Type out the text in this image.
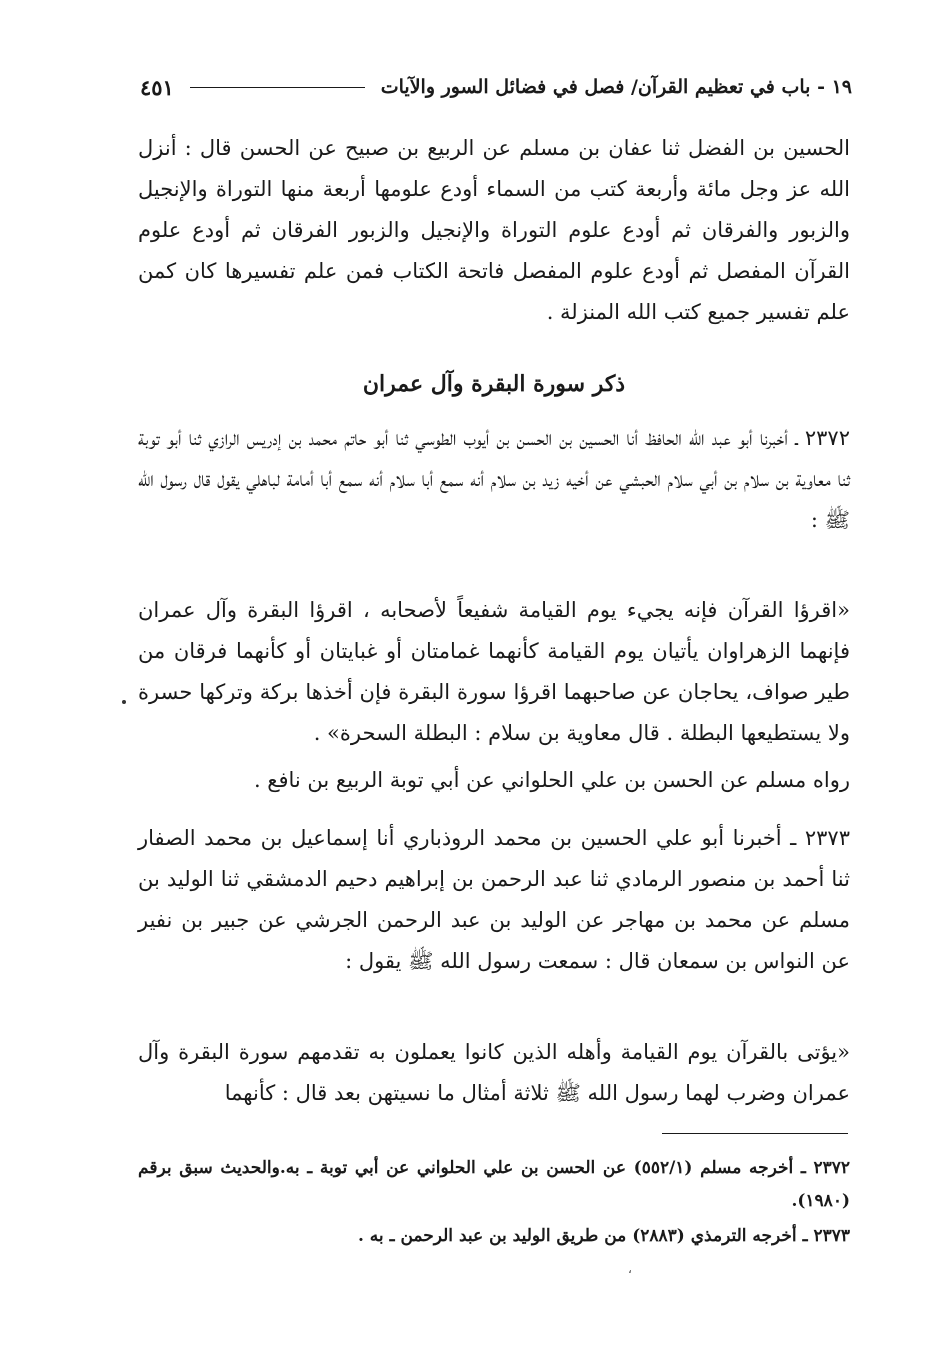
١٩ - باب في تعظيم القرآن/ فصل في فضائل السور والآيات
٤٥١

الحسين بن الفضل ثنا عفان بن مسلم عن الربيع بن صبيح عن الحسن قال : أنزل الله عز وجل مائة وأربعة كتب من السماء أودع علومها أربعة منها التوراة والإنجيل والزبور والفرقان ثم أودع علوم التوراة والإنجيل والزبور الفرقان ثم أودع علوم القرآن المفصل ثم أودع علوم المفصل فاتحة الكتاب فمن علم تفسيرها كان كمن علم تفسير جميع كتب الله المنزلة .

ذكر سورة البقرة وآل عمران

٢٣٧٢ ـ أخبرنا أبو عبد الله الحافظ أنا الحسين بن الحسن بن أيوب الطوسي ثنا أبو حاتم محمد بن إدريس الرازي ثنا أبو توبة ثنا معاوية بن سلام بن أبي سلام الحبشي عن أخيه زيد بن سلام أنه سمع أبا سلام أنه سمع أبا أمامة لباهلي يقول قال رسول الله ﷺ :

«اقرؤا القرآن فإنه يجيء يوم القيامة شفيعاً لأصحابه ، اقرؤا البقرة وآل عمران فإنهما الزهراوان يأتيان يوم القيامة كأنهما غمامتان أو غبايتان أو كأنهما فرقان من طير صواف، يحاجان عن صاحبهما اقرؤا سورة البقرة فإن أخذها بركة وتركها حسرة ولا يستطيعها البطلة . قال معاوية بن سلام : البطلة السحرة» .

رواه مسلم عن الحسن بن علي الحلواني عن أبي توبة الربيع بن نافع .

٢٣٧٣ ـ أخبرنا أبو علي الحسين بن محمد الروذباري أنا إسماعيل بن محمد الصفار ثنا أحمد بن منصور الرمادي ثنا عبد الرحمن بن إبراهيم دحيم الدمشقي ثنا الوليد بن مسلم عن محمد بن مهاجر عن الوليد بن عبد الرحمن الجرشي عن جبير بن نفير عن النواس بن سمعان قال : سمعت رسول الله ﷺ يقول :

«يؤتى بالقرآن يوم القيامة وأهله الذين كانوا يعملون به تقدمهم سورة البقرة وآل عمران وضرب لهما رسول الله ﷺ ثلاثة أمثال ما نسيتهن بعد قال : كأنهما

٢٣٧٢ ـ أخرجه مسلم (٥٥٢/١) عن الحسن بن علي الحلواني عن أبي توبة ـ به.والحديث سبق برقم (١٩٨٠).

٢٣٧٣ ـ أخرجه الترمذي (٢٨٨٣) من طريق الوليد بن عبد الرحمن ـ به .

،
